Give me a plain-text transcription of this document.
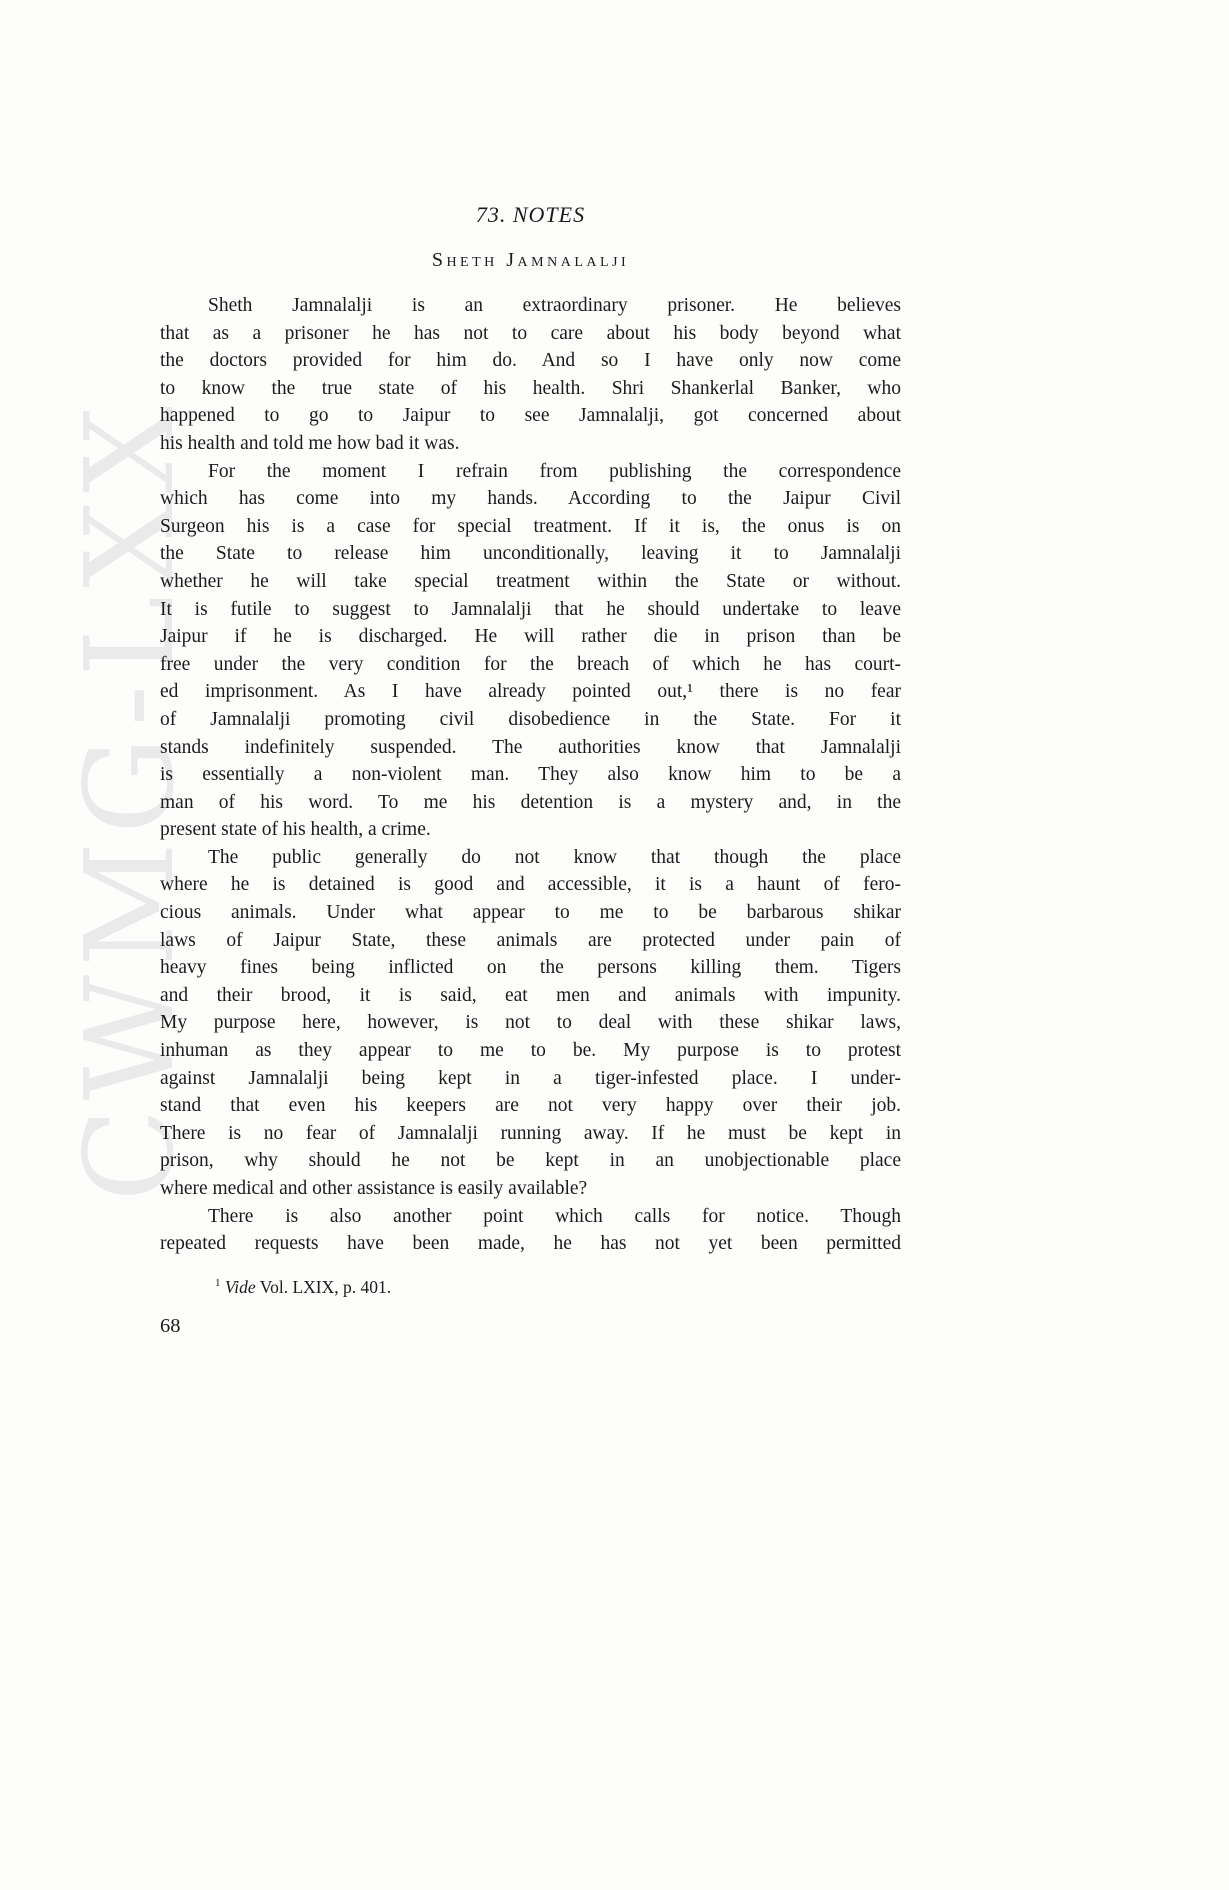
CWMG-LXX
73. NOTES
Sheth Jamnalalji
Sheth Jamnalalji is an extraordinary prisoner. He believes
that as a prisoner he has not to care about his body beyond what
the doctors provided for him do. And so I have only now come
to know the true state of his health. Shri Shankerlal Banker, who
happened to go to Jaipur to see Jamnalalji, got concerned about
his health and told me how bad it was.
For the moment I refrain from publishing the correspondence
which has come into my hands. According to the Jaipur Civil
Surgeon his is a case for special treatment. If it is, the onus is on
the State to release him unconditionally, leaving it to Jamnalalji
whether he will take special treatment within the State or without.
It is futile to suggest to Jamnalalji that he should undertake to leave
Jaipur if he is discharged. He will rather die in prison than be
free under the very condition for the breach of which he has court-
ed imprisonment. As I have already pointed out,¹ there is no fear
of Jamnalalji promoting civil disobedience in the State. For it
stands indefinitely suspended. The authorities know that Jamnalalji
is essentially a non-violent man. They also know him to be a
man of his word. To me his detention is a mystery and, in the
present state of his health, a crime.
The public generally do not know that though the place
where he is detained is good and accessible, it is a haunt of fero-
cious animals. Under what appear to me to be barbarous shikar
laws of Jaipur State, these animals are protected under pain of
heavy fines being inflicted on the persons killing them. Tigers
and their brood, it is said, eat men and animals with impunity.
My purpose here, however, is not to deal with these shikar laws,
inhuman as they appear to me to be. My purpose is to protest
against Jamnalalji being kept in a tiger-infested place. I under-
stand that even his keepers are not very happy over their job.
There is no fear of Jamnalalji running away. If he must be kept in
prison, why should he not be kept in an unobjectionable place
where medical and other assistance is easily available?
There is also another point which calls for notice. Though
repeated requests have been made, he has not yet been permitted
$^1$ Vide Vol. LXIX, p. 401.
68
